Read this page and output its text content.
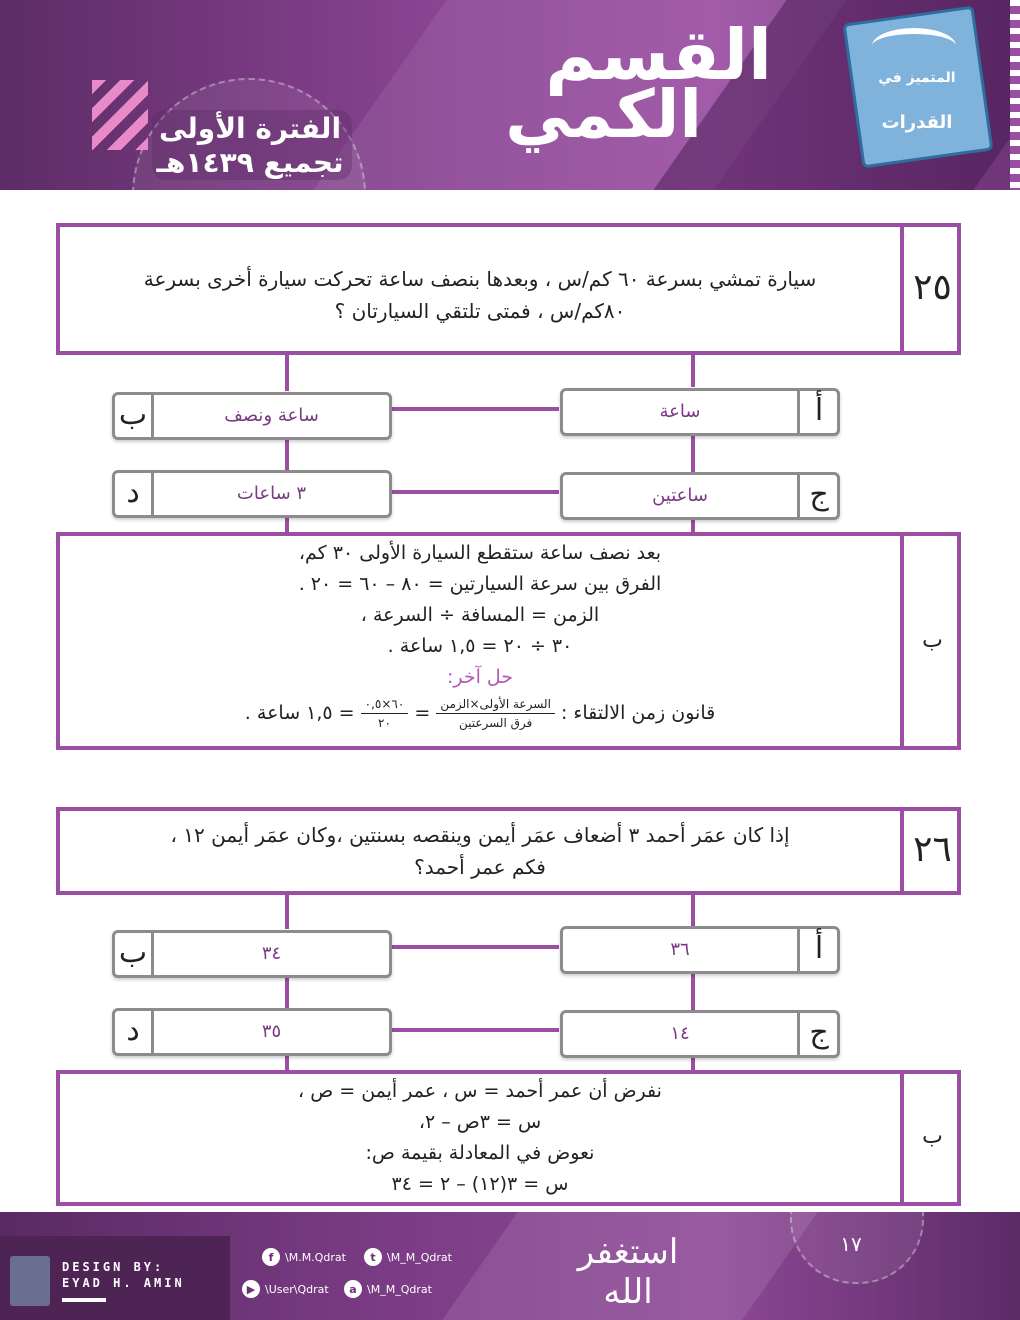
الفترة الأولى
تجميع ١٤٣٩هـ
القسم
الكمي	المتميز في
القدرات
٢٥
سيارة تمشي بسرعة ٦٠ كم/س ، وبعدها بنصف ساعة تحركت سيارة أخرى بسرعة
٨٠كم/س ، فمتى تلتقي السيارتان ؟
أ
ساعة
ب	ساعة ونصف
ج
ساعتين
د	٣ ساعات
ب
بعد نصف ساعة ستقطع السيارة الأولى ٣٠ كم،
الفرق بين سرعة السيارتين = ٨٠ – ٦٠ = ٢٠ .
الزمن = المسافة ÷ السرعة ،
٣٠ ÷ ٢٠ = ١,٥ ساعة .
حل آخر:
قانون زمن الالتقاء :
$\frac{\text{السرعة الأولى×الزمن}}{\text{فرق السرعتين}}$
=
$\frac{٦٠\times ٠,٥}{٢٠}$
= ١,٥ ساعة .
٢٦
إذا كان عمَر أحمد ٣ أضعاف عمَر أيمن وينقصه بسنتين ،وكان عمَر أيمن ١٢ ،
فكم عمر أحمد؟
أ
٣٦
ب	٣٤
ج
١٤
د	٣٥
ب
نفرض أن عمر أحمد = س ، عمر أيمن = ص ،
س = ٣ص – ٢،
نعوض في المعادلة بقيمة ص:
س = ٣(١٢) – ٢ = ٣٤
١٧
DESIGN BY:
EYAD H. AMIN
f	\M.M.Qdrat	t	\M_M_Qdrat
▶ \User\Qdrat	a \M_M_Qdrat
استغفر الله
